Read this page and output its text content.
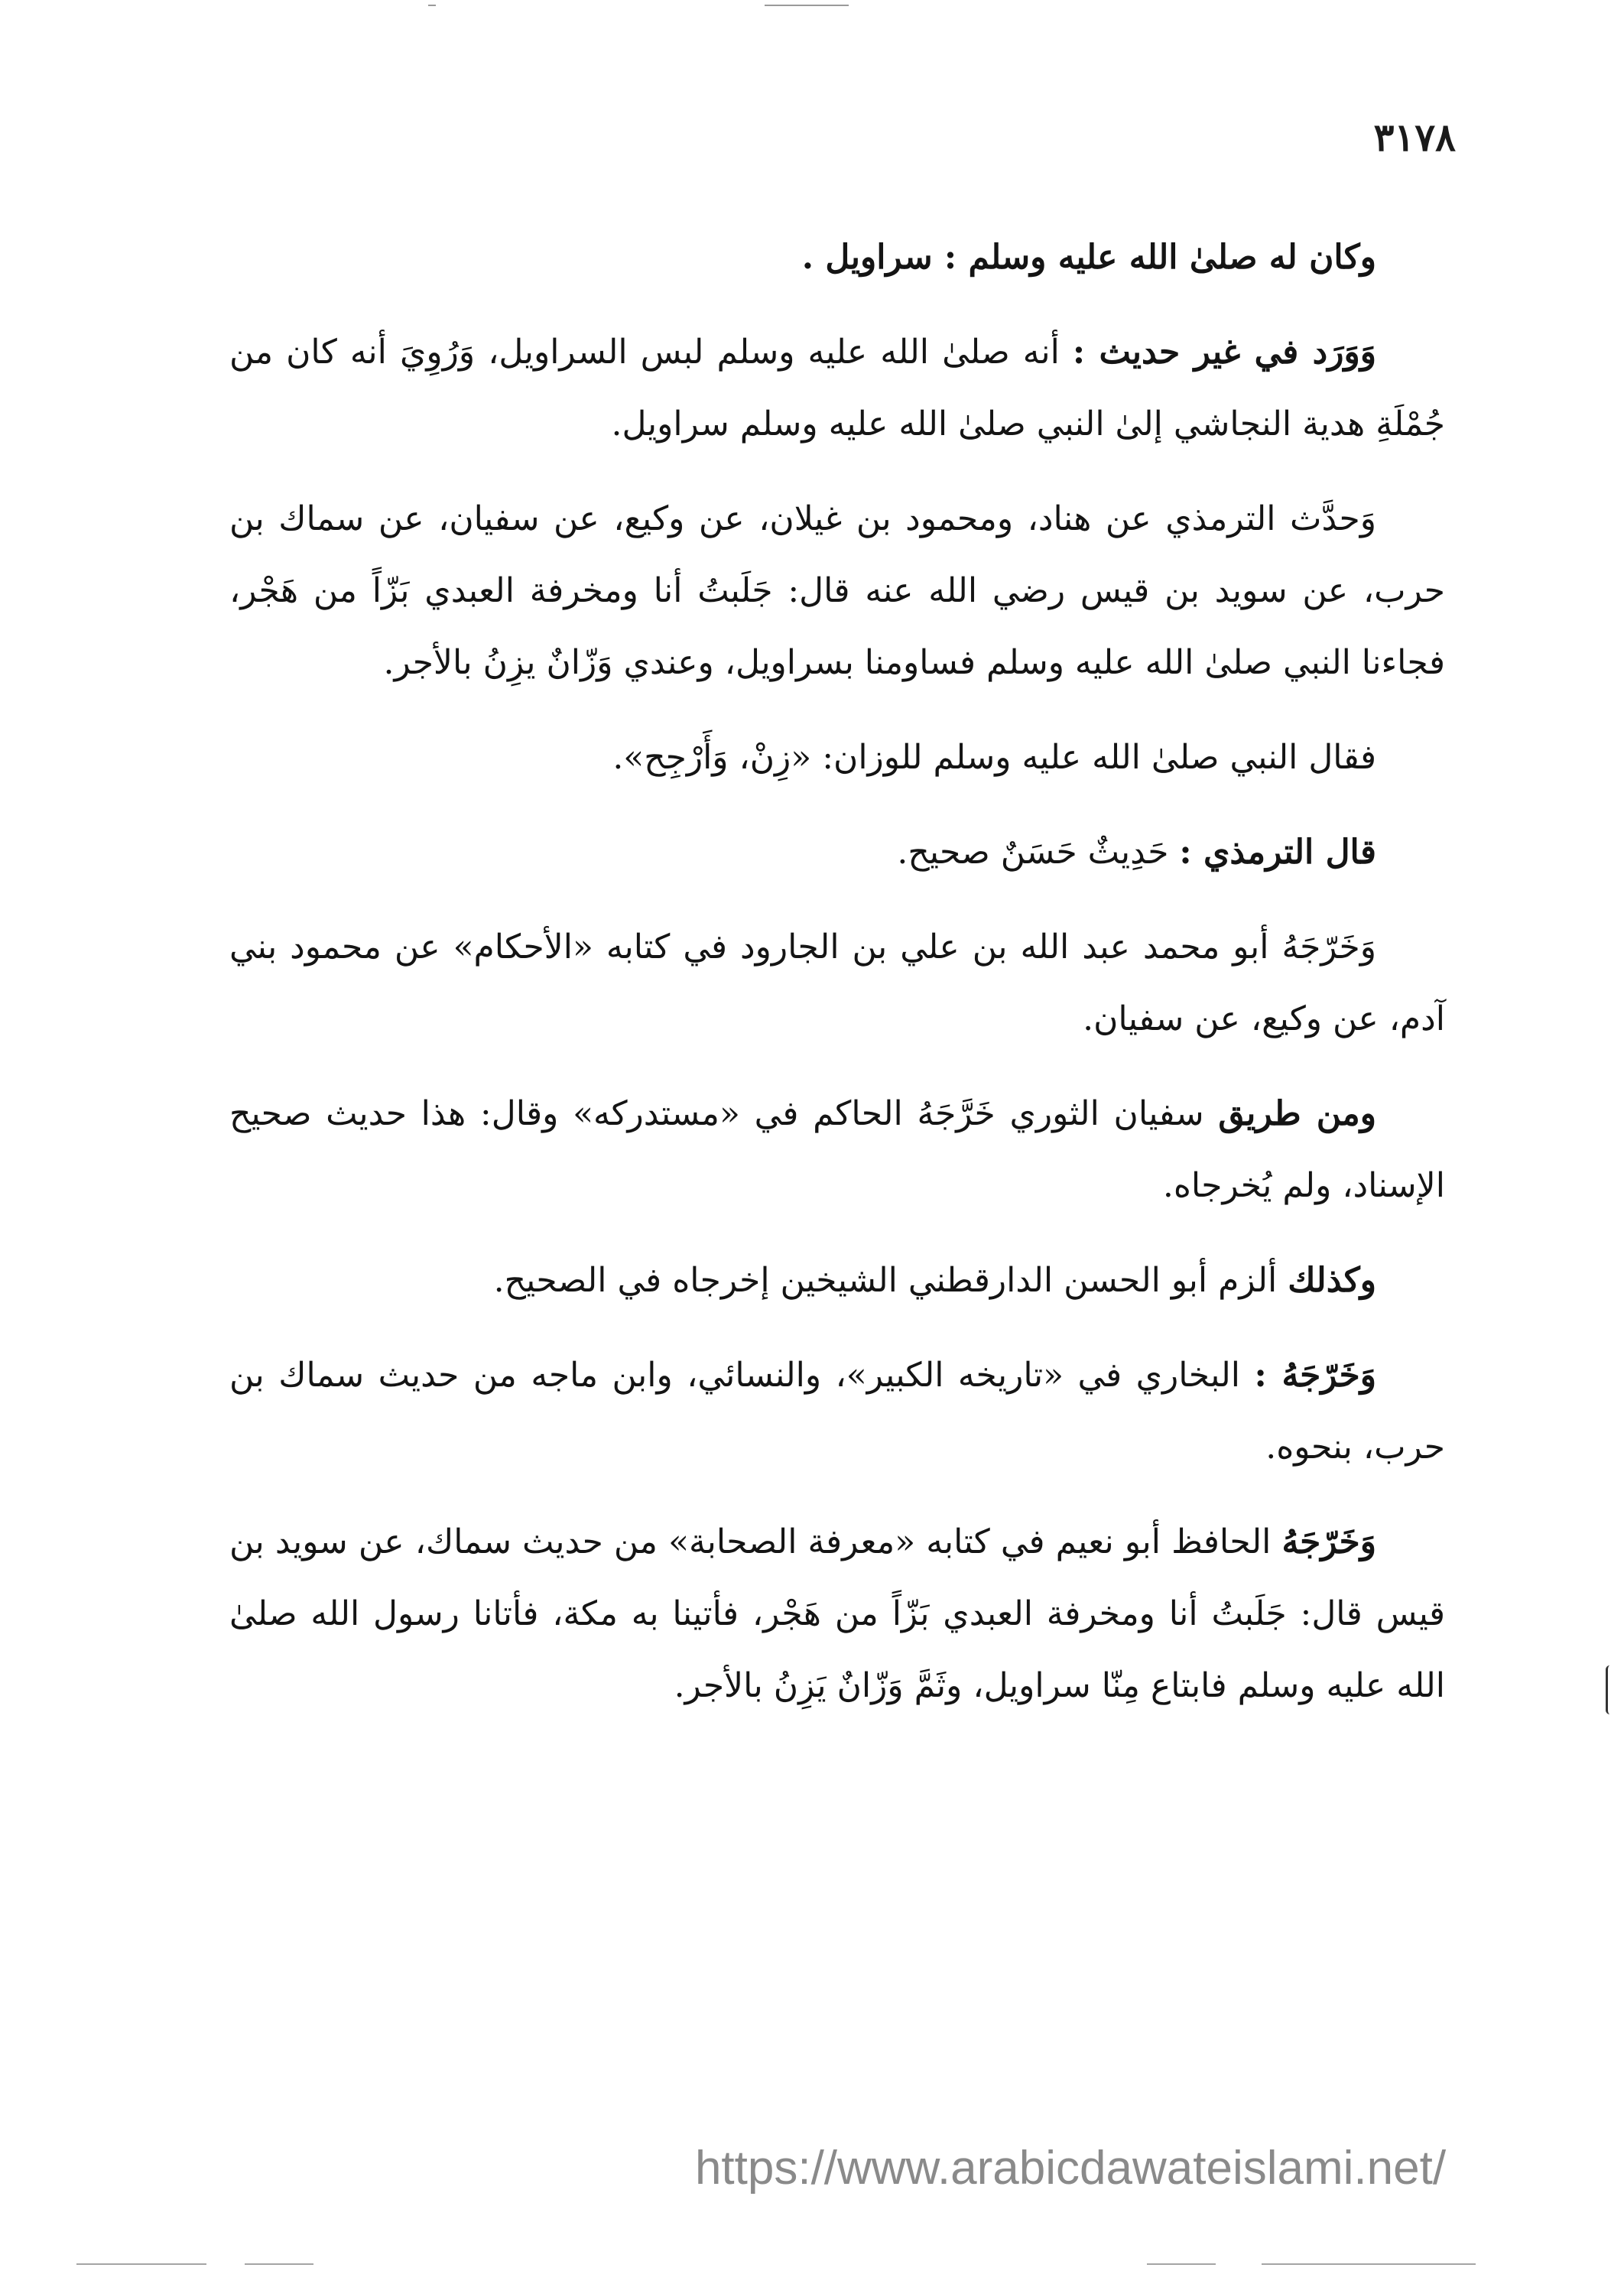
٣١٧٨

وكان له صلىٰ الله عليه وسلم : سراويل .

وَوَرَد في غير حديث : أنه صلىٰ الله عليه وسلم لبس السراويل، وَرُوِيَ أنه كان من جُمْلَةِ هدية النجاشي إلىٰ النبي صلىٰ الله عليه وسلم سراويل.

وَحدَّث الترمذي عن هناد، ومحمود بن غيلان، عن وكيع، عن سفيان، عن سماك بن حرب، عن سويد بن قيس رضي الله عنه قال: جَلَبتُ أنا ومخرفة العبدي بَزّاً من هَجْر، فجاءنا النبي صلىٰ الله عليه وسلم فساومنا بسراويل، وعندي وَزّانٌ يزِنُ بالأجر.

فقال النبي صلىٰ الله عليه وسلم للوزان: «زِنْ، وَأَرْجِح».

قال الترمذي : حَدِيثٌ حَسَنٌ صحيح.

وَخَرّجَهُ أبو محمد عبد الله بن علي بن الجارود في كتابه «الأحكام» عن محمود بني آدم، عن وكيع، عن سفيان.

ومن طريق سفيان الثوري خَرَّجَهُ الحاكم في «مستدركه» وقال: هذا حديث صحيح الإسناد، ولم يُخرجاه.

وكذلك ألزم أبو الحسن الدارقطني الشيخين إخرجاه في الصحيح.

وَخَرّجَهُ : البخاري في «تاريخه الكبير»، والنسائي، وابن ماجه من حديث سماك بن حرب، بنحوه.

وَخَرّجَهُ الحافظ أبو نعيم في كتابه «معرفة الصحابة» من حديث سماك، عن سويد بن قيس قال: جَلَبتُ أنا ومخرفة العبدي بَزّاً من هَجْر، فأتينا به مكة، فأتانا رسول الله صلىٰ الله عليه وسلم فابتاع مِنّا سراويل، وثَمَّ وَزّانٌ يَزِنُ بالأجر.

https://www.arabicdawateislami.net/
